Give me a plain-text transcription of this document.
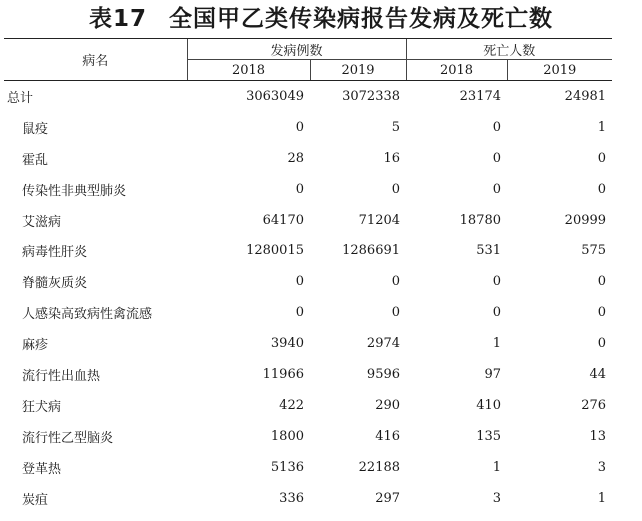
表17 全国甲乙类传染病报告发病及死亡数
病名	发病例数		死亡人数	
	2018	2019	2018	2019
总计	3063049	3072338	23174	24981
鼠疫	0	5	0	1
霍乱	28	16	0	0
传染性非典型肺炎	0	0	0	0
艾滋病	64170	71204	18780	20999
病毒性肝炎	1280015	1286691	531	575
脊髓灰质炎	0	0	0	0
人感染高致病性禽流感	0	0	0	0
麻疹	3940	2974	1	0
流行性出血热	11966	9596	97	44
狂犬病	422	290	410	276
流行性乙型脑炎	1800	416	135	13
登革热	5136	22188	1	3
炭疽	336	297	3	1
